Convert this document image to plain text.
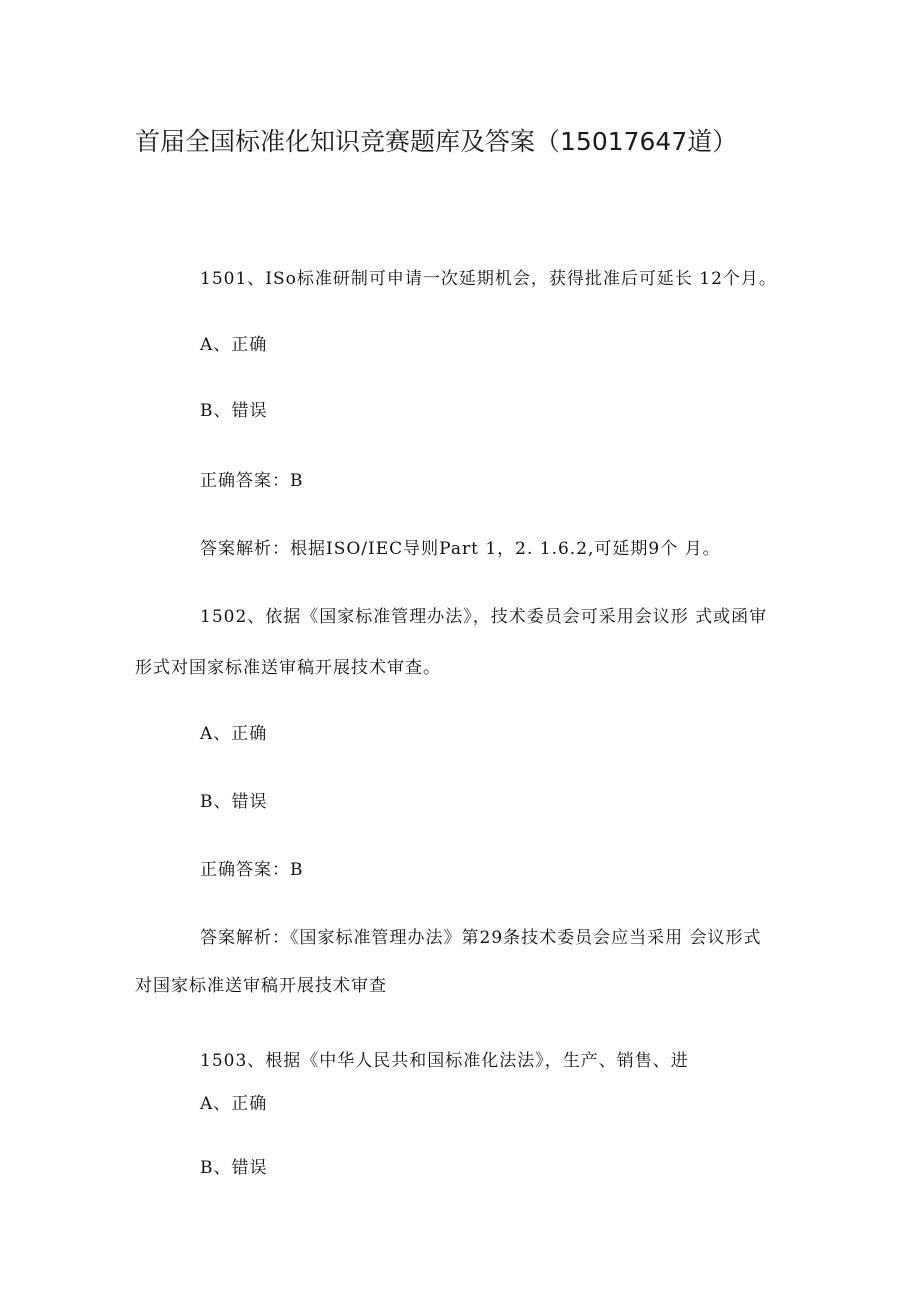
首届全国标准化知识竞赛题库及答案（15017647道）
1501、ISo标准研制可申请一次延期机会，获得批准后可延长 12个月。
A、正确
B、错误
正确答案：B
答案解析：根据ISO/IEC导则Part 1，2. 1.6.2,可延期9个 月。
1502、依据《国家标准管理办法》，技术委员会可采用会议形 式或函审
形式对国家标准送审稿开展技术审查。
A、正确
B、错误
正确答案：B
答案解析：《国家标准管理办法》第29条技术委员会应当采用 会议形式
对国家标准送审稿开展技术审查
1503、根据《中华人民共和国标准化法法》，生产、销售、进
A、正确
B、错误
